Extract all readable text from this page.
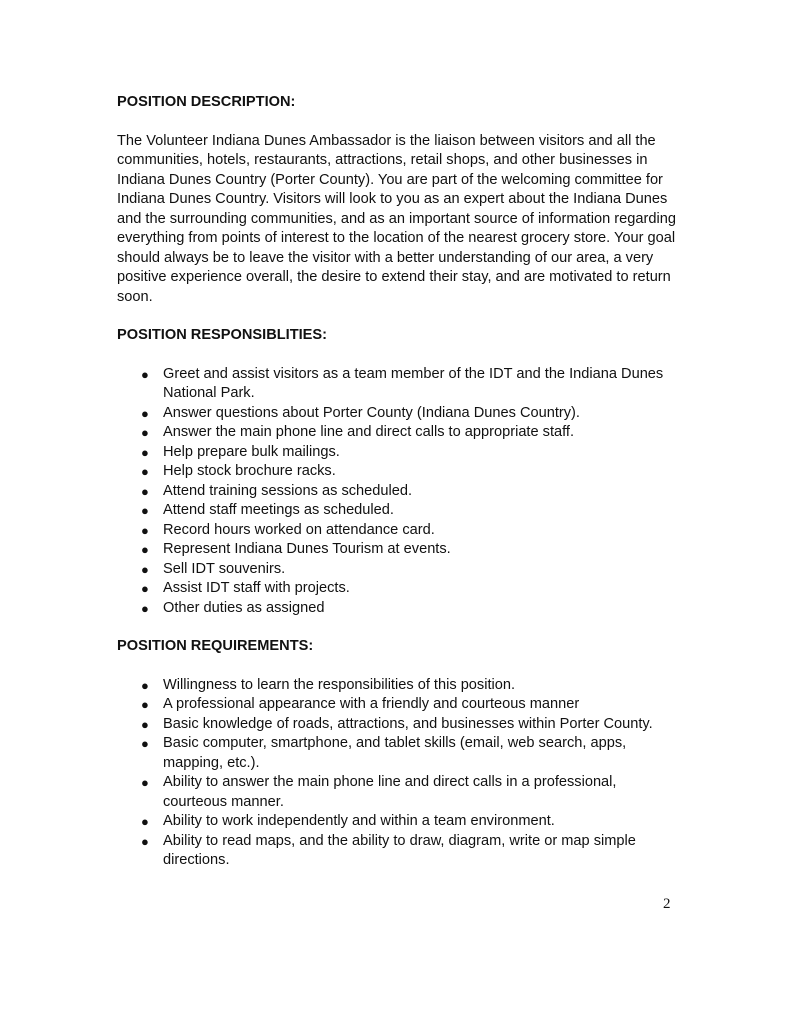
POSITION DESCRIPTION:

The Volunteer Indiana Dunes Ambassador is the liaison between visitors and all the communities, hotels, restaurants, attractions, retail shops, and other businesses in Indiana Dunes Country (Porter County). You are part of the welcoming committee for Indiana Dunes Country. Visitors will look to you as an expert about the Indiana Dunes and the surrounding communities, and as an important source of information regarding everything from points of interest to the location of the nearest grocery store. Your goal should always be to leave the visitor with a better understanding of our area, a very positive experience overall, the desire to extend their stay, and are motivated to return soon.

POSITION RESPONSIBLITIES:

● Greet and assist visitors as a team member of the IDT and the Indiana Dunes National Park.
● Answer questions about Porter County (Indiana Dunes Country).
● Answer the main phone line and direct calls to appropriate staff.
● Help prepare bulk mailings.
● Help stock brochure racks.
● Attend training sessions as scheduled.
● Attend staff meetings as scheduled.
● Record hours worked on attendance card.
● Represent Indiana Dunes Tourism at events.
● Sell IDT souvenirs.
● Assist IDT staff with projects.
● Other duties as assigned

POSITION REQUIREMENTS:

● Willingness to learn the responsibilities of this position.
● A professional appearance with a friendly and courteous manner
● Basic knowledge of roads, attractions, and businesses within Porter County.
● Basic computer, smartphone, and tablet skills (email, web search, apps, mapping, etc.).
● Ability to answer the main phone line and direct calls in a professional, courteous manner.
● Ability to work independently and within a team environment.
● Ability to read maps, and the ability to draw, diagram, write or map simple directions.
2
